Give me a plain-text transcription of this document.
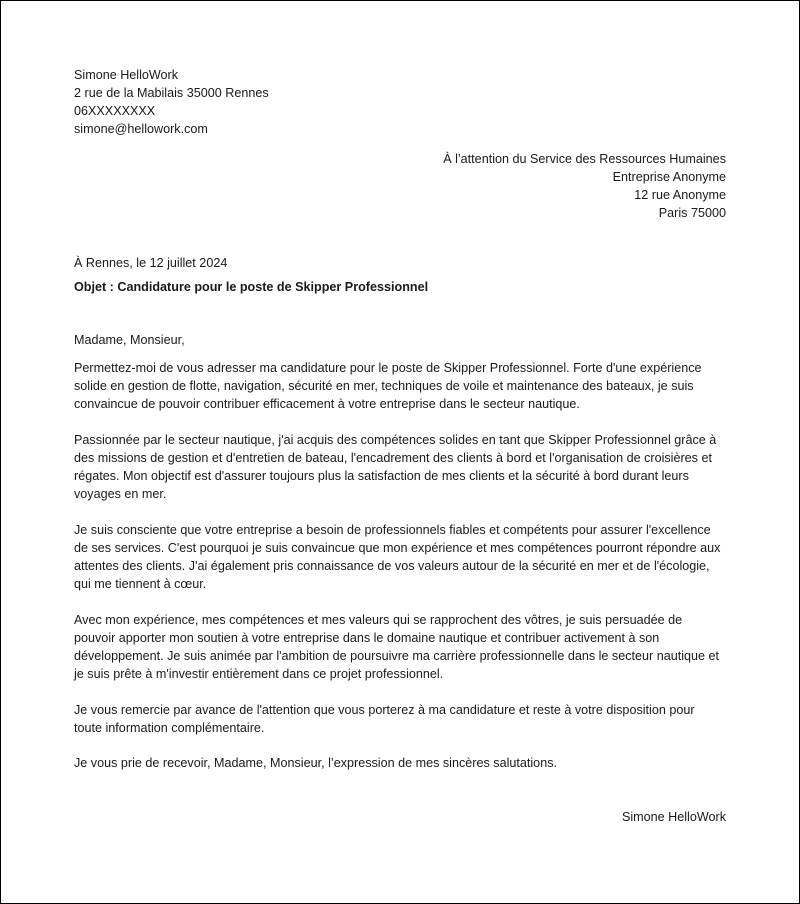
Simone HelloWork
2 rue de la Mabilais 35000 Rennes
06XXXXXXXX
simone@hellowork.com
À l’attention du Service des Ressources Humaines
Entreprise Anonyme
12 rue Anonyme
Paris 75000
À Rennes, le 12 juillet 2024
Objet : Candidature pour le poste de Skipper Professionnel
Madame, Monsieur,
Permettez-moi de vous adresser ma candidature pour le poste de Skipper Professionnel. Forte d'une expérience solide en gestion de flotte, navigation, sécurité en mer, techniques de voile et maintenance des bateaux, je suis convaincue de pouvoir contribuer efficacement à votre entreprise dans le secteur nautique.
Passionnée par le secteur nautique, j'ai acquis des compétences solides en tant que Skipper Professionnel grâce à des missions de gestion et d'entretien de bateau, l'encadrement des clients à bord et l'organisation de croisières et régates. Mon objectif est d'assurer toujours plus la satisfaction de mes clients et la sécurité à bord durant leurs voyages en mer.
Je suis consciente que votre entreprise a besoin de professionnels fiables et compétents pour assurer l'excellence de ses services. C'est pourquoi je suis convaincue que mon expérience et mes compétences pourront répondre aux attentes des clients. J'ai également pris connaissance de vos valeurs autour de la sécurité en mer et de l'écologie, qui me tiennent à cœur.
Avec mon expérience, mes compétences et mes valeurs qui se rapprochent des vôtres, je suis persuadée de pouvoir apporter mon soutien à votre entreprise dans le domaine nautique et contribuer activement à son développement. Je suis animée par l'ambition de poursuivre ma carrière professionnelle dans le secteur nautique et je suis prête à m'investir entièrement dans ce projet professionnel.
Je vous remercie par avance de l'attention que vous porterez à ma candidature et reste à votre disposition pour toute information complémentaire.
Je vous prie de recevoir, Madame, Monsieur, l’expression de mes sincères salutations.
Simone HelloWork
